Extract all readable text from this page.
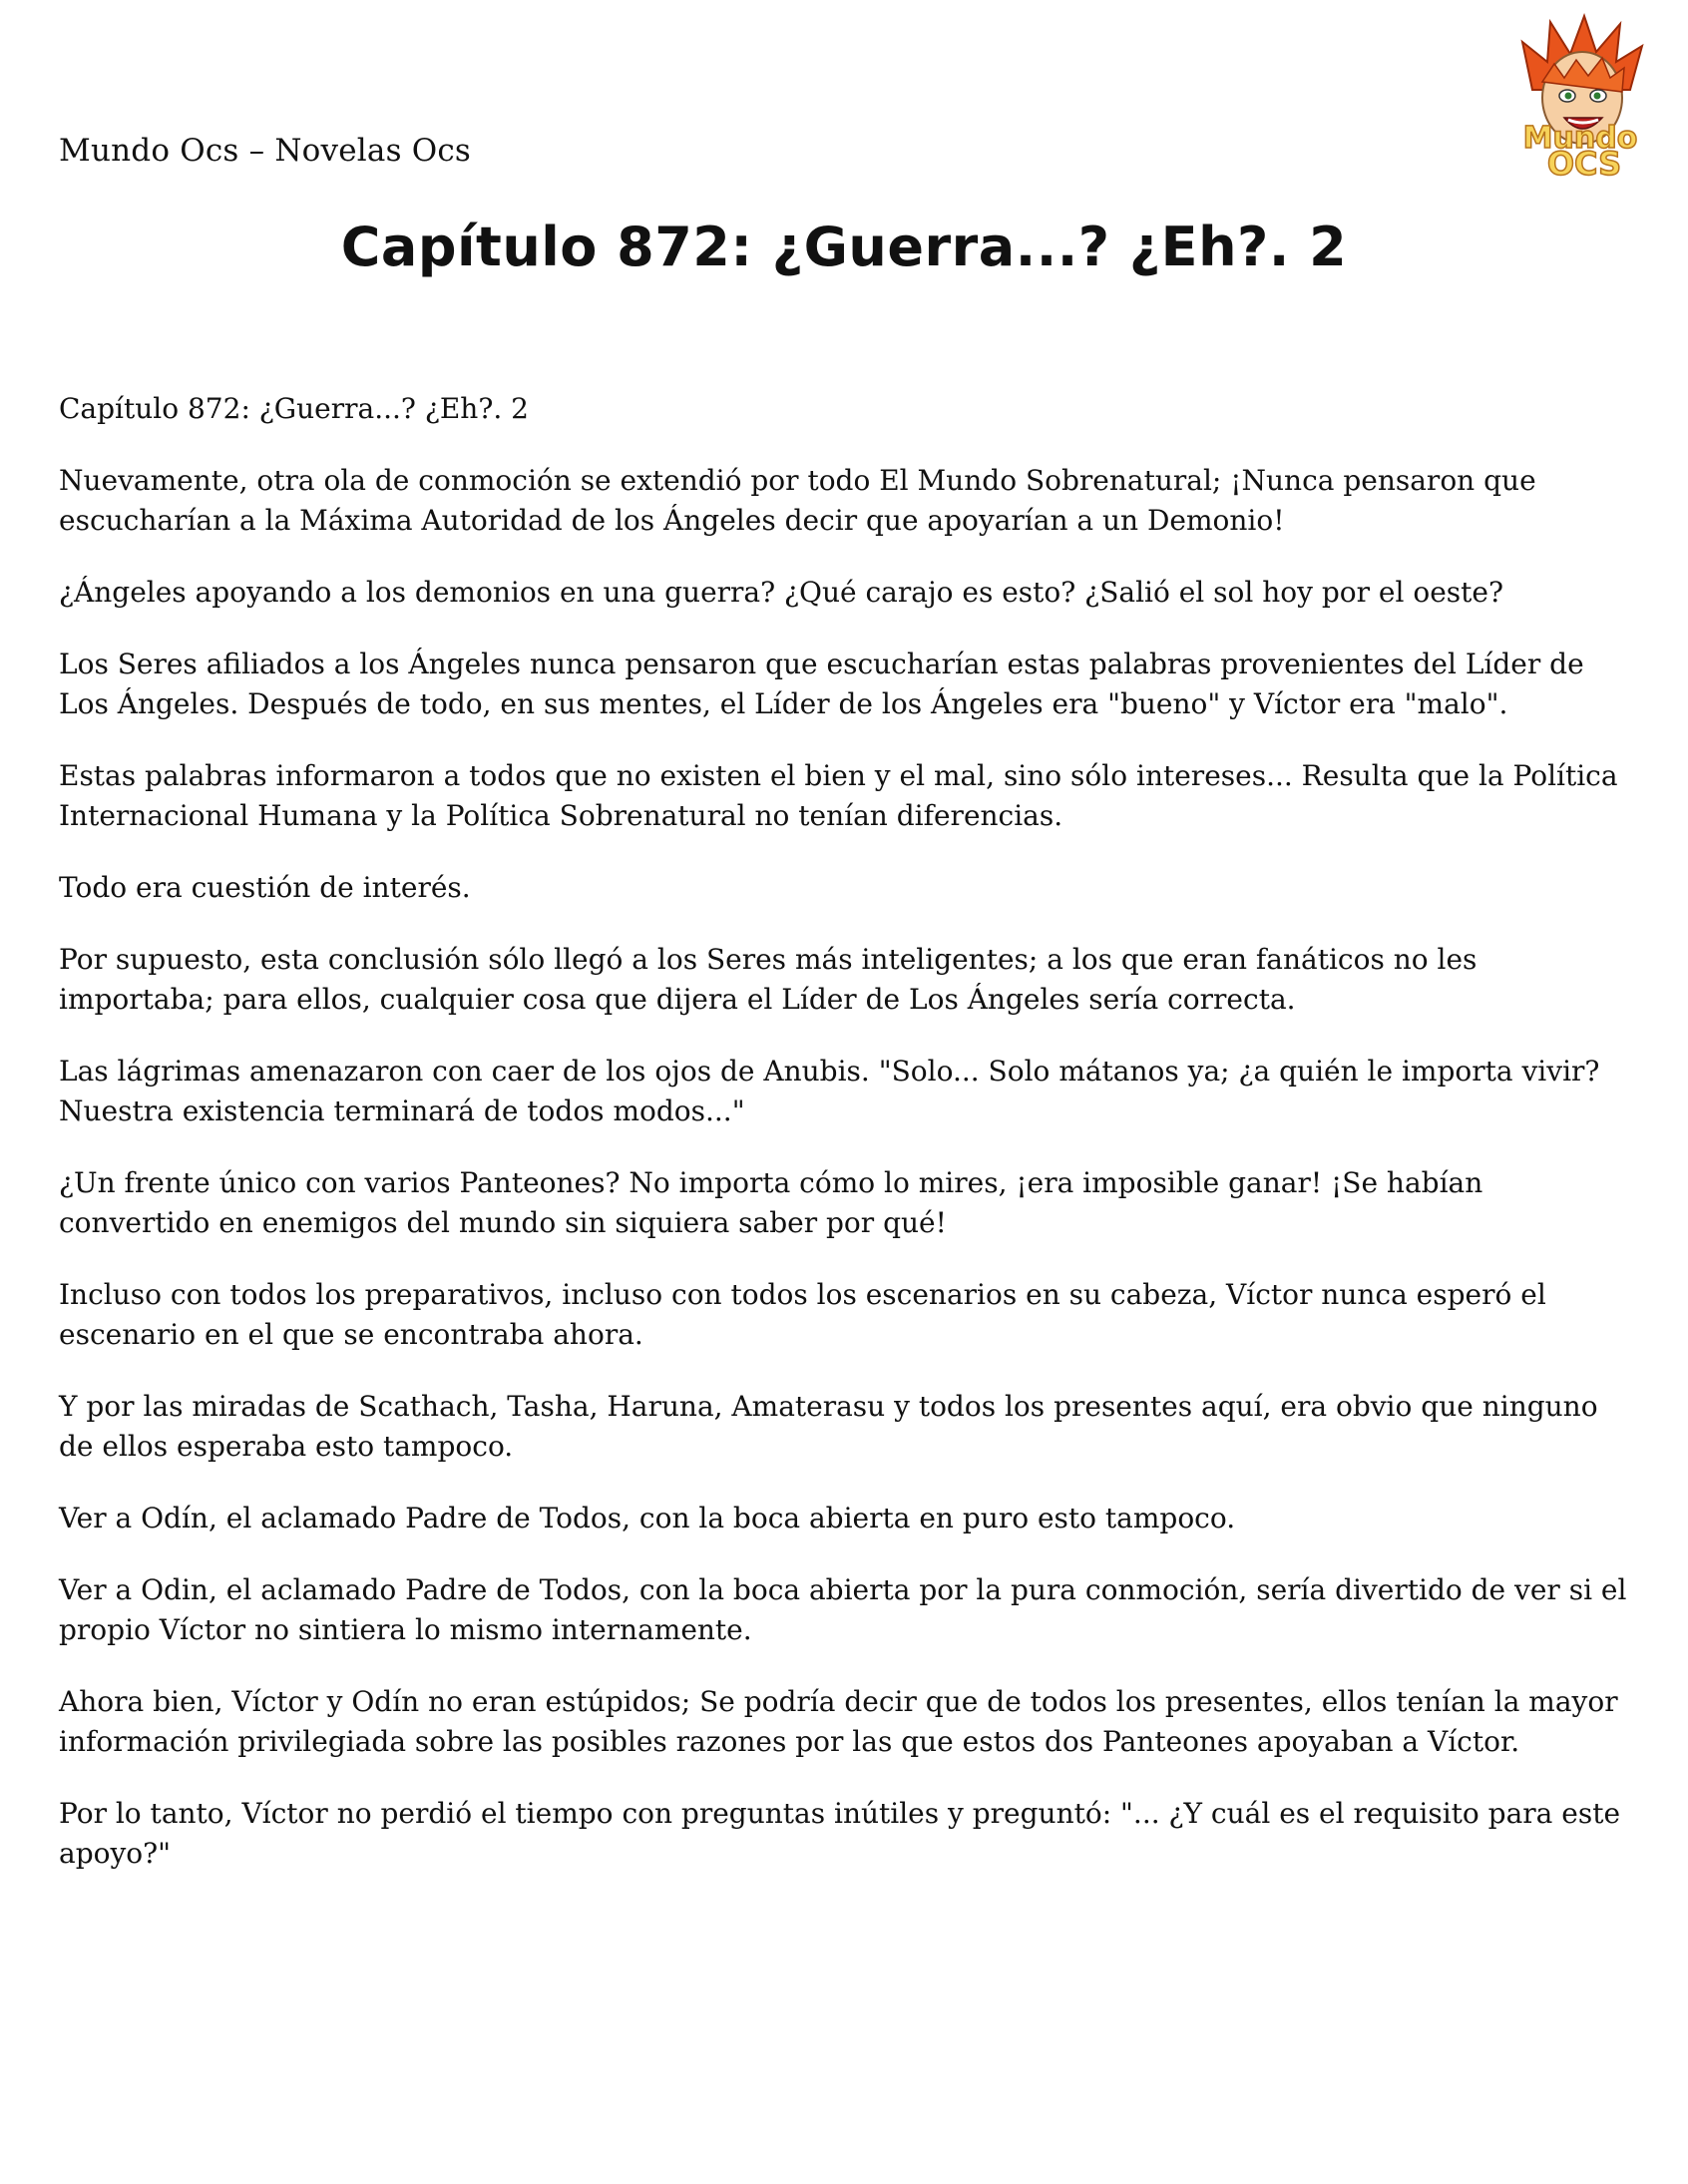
Mundo Ocs – Novelas Ocs	Mundo
OCS
Capítulo 872: ¿Guerra...? ¿Eh?. 2

Capítulo 872: ¿Guerra...? ¿Eh?. 2

Nuevamente, otra ola de conmoción se extendió por todo El Mundo Sobrenatural; ¡Nunca pensaron que escucharían a la Máxima Autoridad de los Ángeles decir que apoyarían a un Demonio!

¿Ángeles apoyando a los demonios en una guerra? ¿Qué carajo es esto? ¿Salió el sol hoy por el oeste?

Los Seres afiliados a los Ángeles nunca pensaron que escucharían estas palabras provenientes del Líder de Los Ángeles. Después de todo, en sus mentes, el Líder de los Ángeles era "bueno" y Víctor era "malo".

Estas palabras informaron a todos que no existen el bien y el mal, sino sólo intereses... Resulta que la Política Internacional Humana y la Política Sobrenatural no tenían diferencias.

Todo era cuestión de interés.

Por supuesto, esta conclusión sólo llegó a los Seres más inteligentes; a los que eran fanáticos no les importaba; para ellos, cualquier cosa que dijera el Líder de Los Ángeles sería correcta.

Las lágrimas amenazaron con caer de los ojos de Anubis. "Solo... Solo mátanos ya; ¿a quién le importa vivir? Nuestra existencia terminará de todos modos..."

¿Un frente único con varios Panteones? No importa cómo lo mires, ¡era imposible ganar! ¡Se habían convertido en enemigos del mundo sin siquiera saber por qué!

Incluso con todos los preparativos, incluso con todos los escenarios en su cabeza, Víctor nunca esperó el escenario en el que se encontraba ahora.

Y por las miradas de Scathach, Tasha, Haruna, Amaterasu y todos los presentes aquí, era obvio que ninguno de ellos esperaba esto tampoco.

Ver a Odín, el aclamado Padre de Todos, con la boca abierta en puro esto tampoco.

Ver a Odin, el aclamado Padre de Todos, con la boca abierta por la pura conmoción, sería divertido de ver si el propio Víctor no sintiera lo mismo internamente.

Ahora bien, Víctor y Odín no eran estúpidos; Se podría decir que de todos los presentes, ellos tenían la mayor información privilegiada sobre las posibles razones por las que estos dos Panteones apoyaban a Víctor.

Por lo tanto, Víctor no perdió el tiempo con preguntas inútiles y preguntó: "... ¿Y cuál es el requisito para este apoyo?"
